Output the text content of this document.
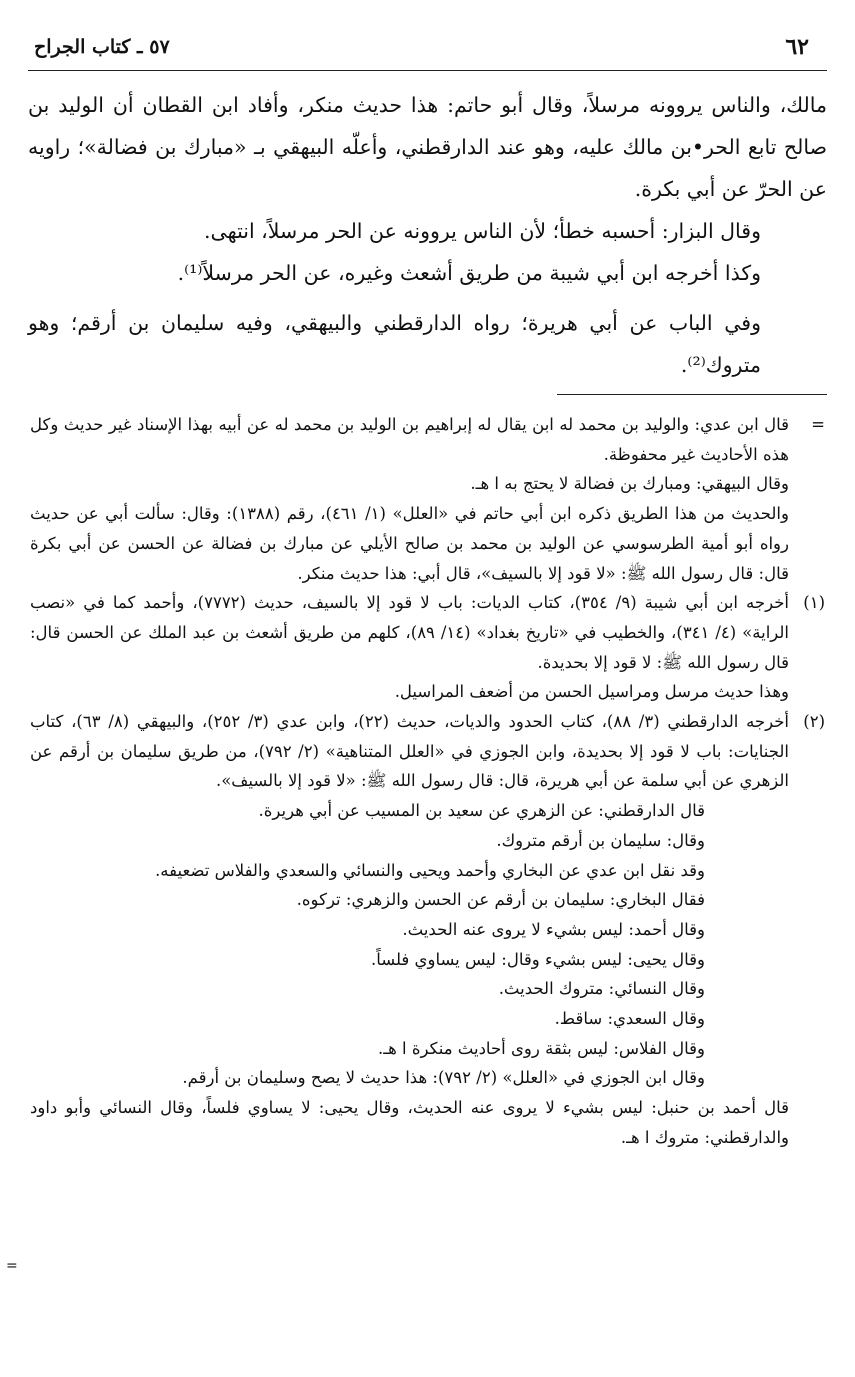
٦٢
٥٧ ـ كتاب الجراح

مالك، والناس يروونه مرسلاً، وقال أبو حاتم: هذا حديث منكر، وأفاد ابن القطان أن الوليد بن صالح تابع الحر•بن مالك عليه، وهو عند الدارقطني، وأعلّه البيهقي بـ «مبارك بن فضالة»؛ راويه عن الحرّ عن أبي بكرة.

وقال البزار: أحسبه خطأ؛ لأن الناس يروونه عن الحر مرسلاً، انتهى.

وكذا أخرجه ابن أبي شيبة من طريق أشعث وغيره، عن الحر مرسلاً⁽¹⁾.

وفي الباب عن أبي هريرة؛ رواه الدارقطني والبيهقي، وفيه سليمان بن أرقم؛ وهو متروك⁽²⁾.

=

قال ابن عدي: والوليد بن محمد له ابن يقال له إبراهيم بن الوليد بن محمد له عن أبيه بهذا الإسناد غير حديث وكل هذه الأحاديث غير محفوظة.

وقال البيهقي: ومبارك بن فضالة لا يحتج به ا هـ.

والحديث من هذا الطريق ذكره ابن أبي حاتم في «العلل» (١/ ٤٦١)، رقم (١٣٨٨): وقال: سألت أبي عن حديث رواه أبو أمية الطرسوسي عن الوليد بن محمد بن صالح الأيلي عن مبارك بن فضالة عن الحسن عن أبي بكرة قال: قال رسول الله ﷺ: «لا قود إلا بالسيف»، قال أبي: هذا حديث منكر.

(١)

أخرجه ابن أبي شيبة (٩/ ٣٥٤)، كتاب الديات: باب لا قود إلا بالسيف، حديث (٧٧٧٢)، وأحمد كما في «نصب الراية» (٤/ ٣٤١)، والخطيب في «تاريخ بغداد» (١٤/ ٨٩)، كلهم من طريق أشعث بن عبد الملك عن الحسن قال: قال رسول الله ﷺ: لا قود إلا بحديدة.

وهذا حديث مرسل ومراسيل الحسن من أضعف المراسيل.

(٢)

أخرجه الدارقطني (٣/ ٨٨)، كتاب الحدود والديات، حديث (٢٢)، وابن عدي (٣/ ٢٥٢)، والبيهقي (٨/ ٦٣)، كتاب الجنايات: باب لا قود إلا بحديدة، وابن الجوزي في «العلل المتناهية» (٢/ ٧٩٢)، من طريق سليمان بن أرقم عن الزهري عن أبي سلمة عن أبي هريرة، قال: قال رسول الله ﷺ: «لا قود إلا بالسيف».

قال الدارقطني: عن الزهري عن سعيد بن المسيب عن أبي هريرة.

وقال: سليمان بن أرقم متروك.

وقد نقل ابن عدي عن البخاري وأحمد ويحيى والنسائي والسعدي والفلاس تضعيفه.

فقال البخاري: سليمان بن أرقم عن الحسن والزهري: تركوه.

وقال أحمد: ليس بشيء لا يروى عنه الحديث.

وقال يحيى: ليس بشيء وقال: ليس يساوي فلساً.

وقال النسائي: متروك الحديث.

وقال السعدي: ساقط.

وقال الفلاس: ليس بثقة روى أحاديث منكرة ا هـ.

وقال ابن الجوزي في «العلل» (٢/ ٧٩٢): هذا حديث لا يصح وسليمان بن أرقم.

قال أحمد بن حنبل: ليس بشيء لا يروى عنه الحديث، وقال يحيى: لا يساوي فلساً، وقال النسائي وأبو داود والدارقطني: متروك ا هـ.

=
